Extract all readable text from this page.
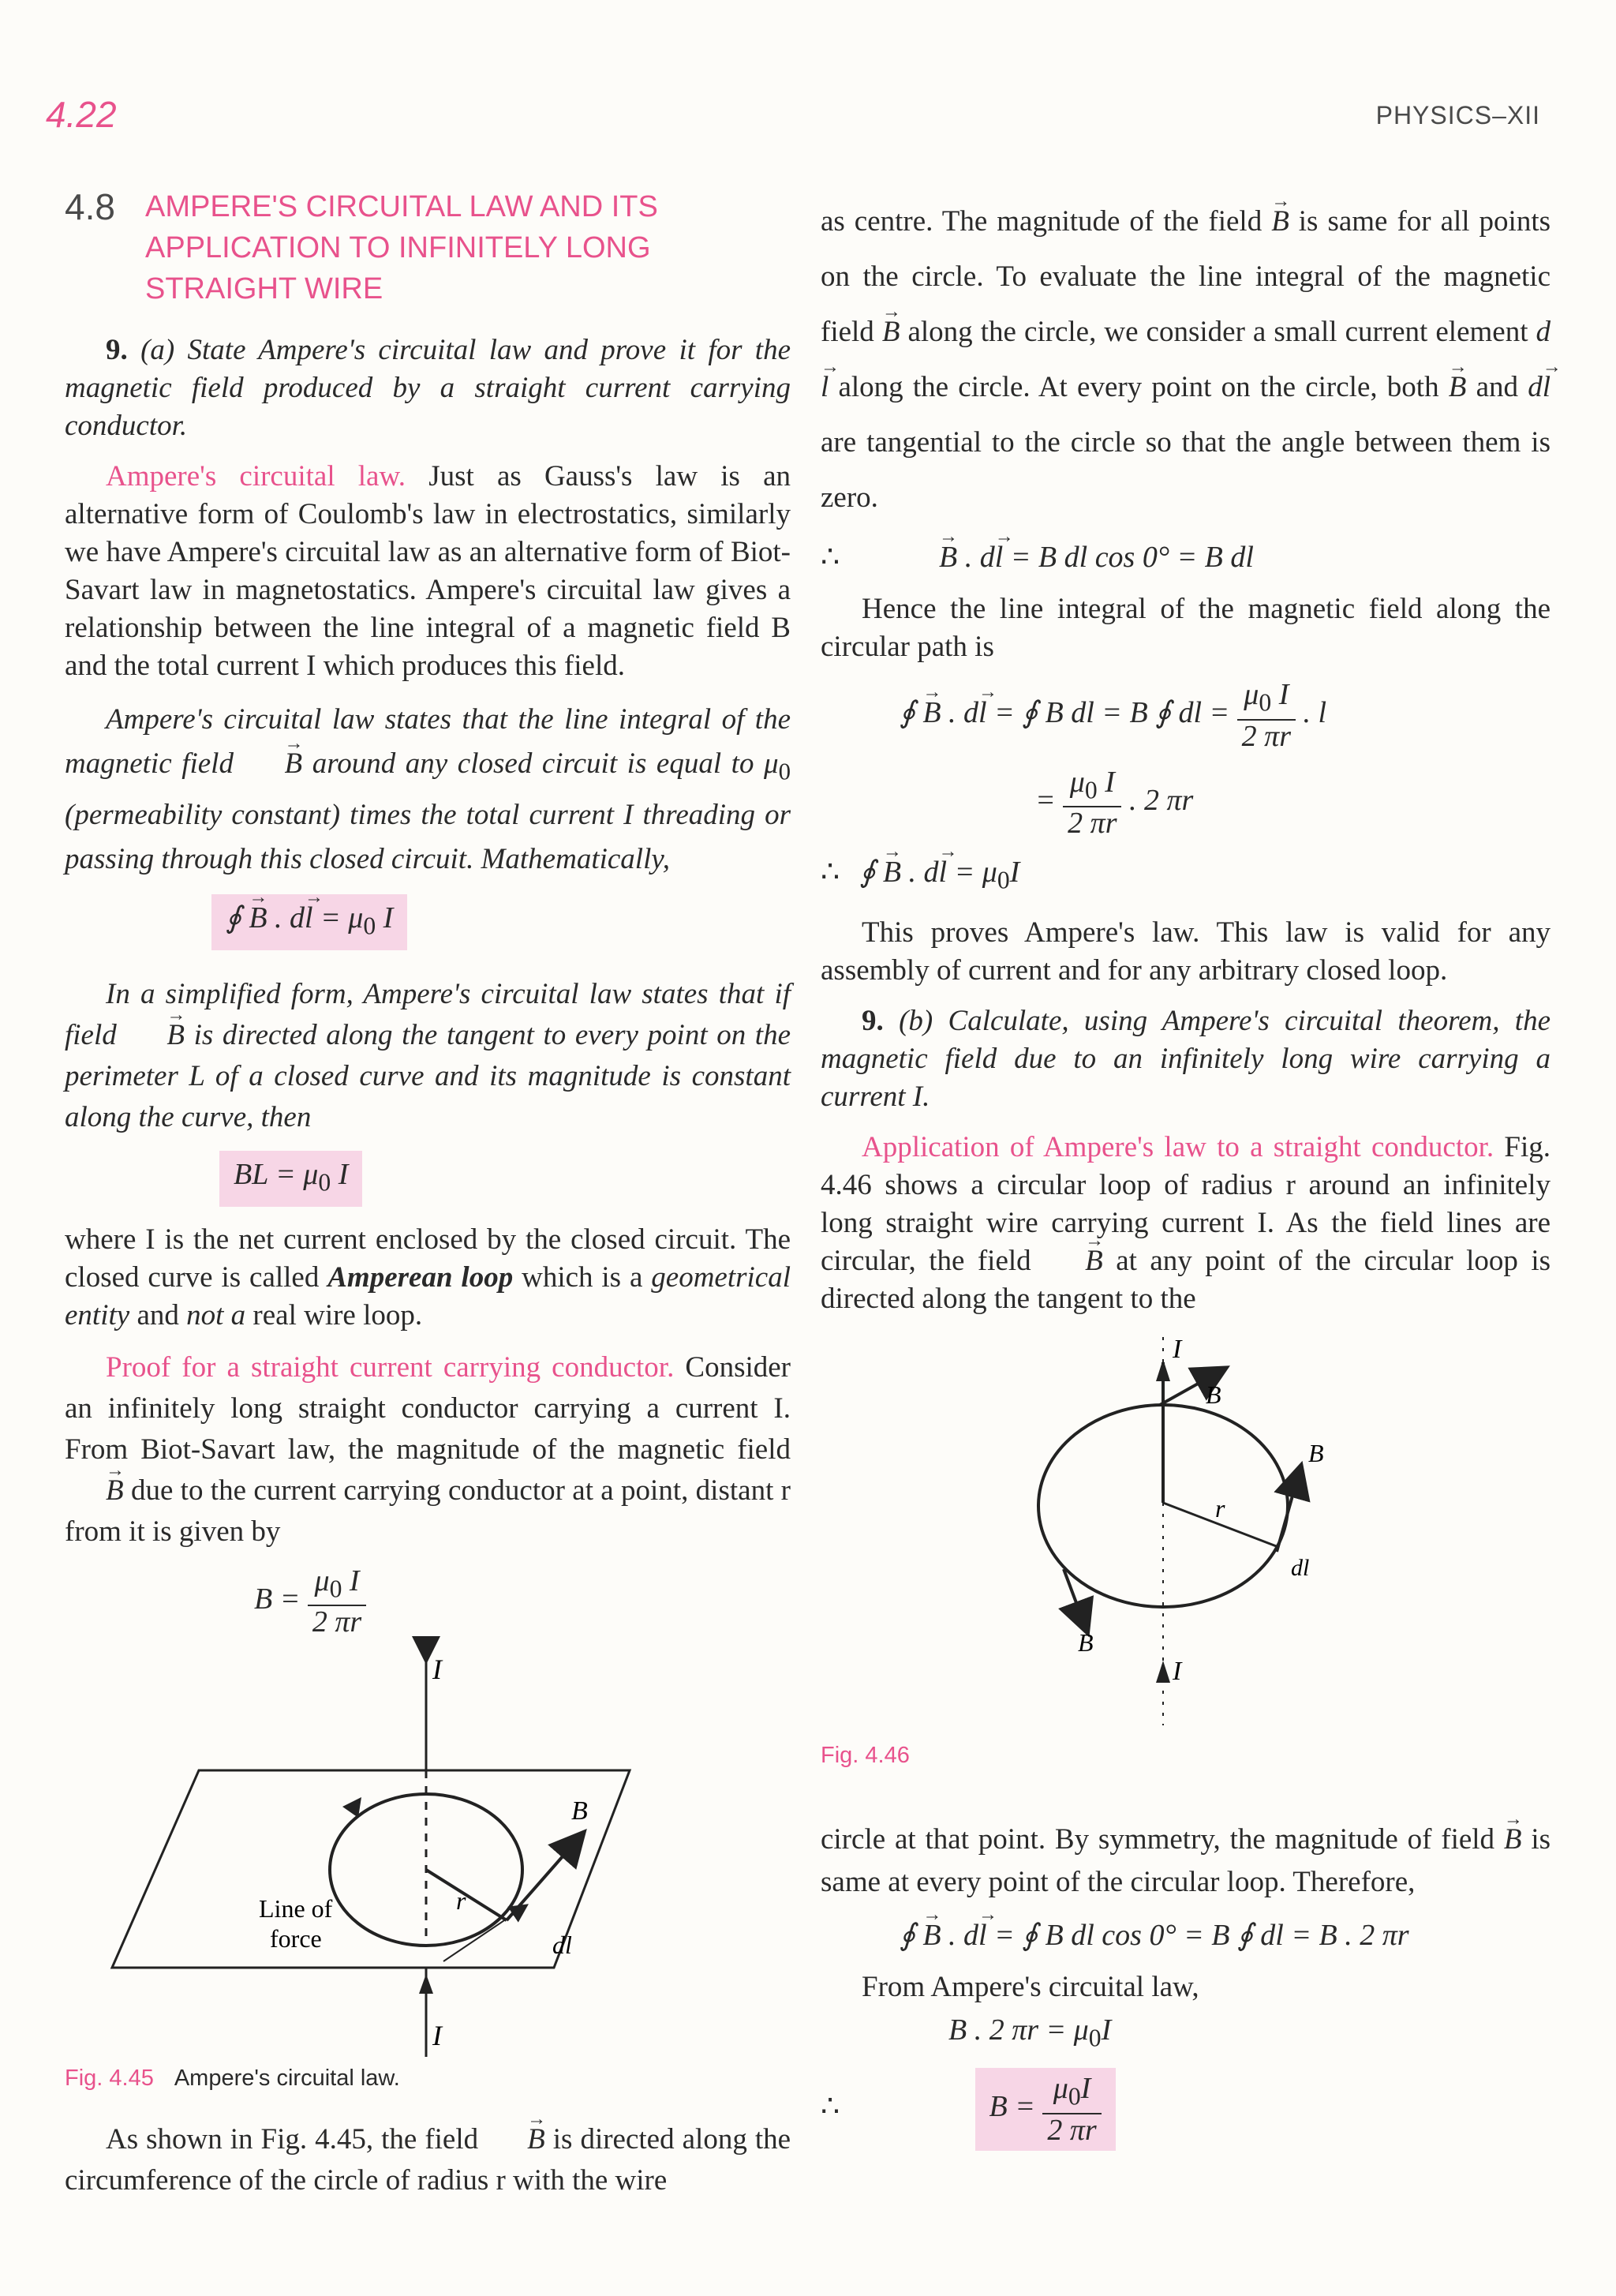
4.22	PHYSICS–XII
4.8 AMPERE'S CIRCUITAL LAW AND ITS APPLICATION TO INFINITELY LONG STRAIGHT WIRE

9. (a) State Ampere's circuital law and prove it for the magnetic field produced by a straight current carrying conductor.

Ampere's circuital law. Just as Gauss's law is an alternative form of Coulomb's law in electrostatics, similarly we have Ampere's circuital law as an alternative form of Biot-Savart law in magnetostatics. Ampere's circuital law gives a relationship between the line integral of a magnetic field B and the total current I which produces this field.

Ampere's circuital law states that the line integral of the magnetic field → B around any closed circuit is equal to $\mu_0$ (permeability constant) times the total current I threading or passing through this closed circuit. Mathematically,

∮ → B . $d\to l = \mu_0$ I

In a simplified form, Ampere's circuital law states that if field → B is directed along the tangent to every point on the perimeter L of a closed curve and its magnitude is constant along the curve, then

BL = $\mu_0$ I

where I is the net current enclosed by the closed circuit. The closed curve is called Amperean loop which is a geometrical entity and not a real wire loop.

Proof for a straight current carrying conductor. Consider an infinitely long straight conductor carrying a current I. From Biot-Savart law, the magnitude of the magnetic field → B due to the current carrying conductor at a point, distant r from it is given by

$B = \frac{\mu_0 I}{2 \pi r}$
I
I
r
B
dl
Line of
force
Fig. 4.45 Ampere's circuital law.

As shown in Fig. 4.45, the field → B is directed along the circumference of the circle of radius r with the wire

as centre. The magnitude of the field → B is same for all points on the circle. To evaluate the line integral of the magnetic field → B along the circle, we consider a small current element d→ l along the circle. At every point on the circle, both → B and d→ l are tangential to the circle so that the angle between them is zero.

∴	→ B . d→ l = B dl cos 0° = B dl

Hence the line integral of the magnetic field along the circular path is

∮ → B . d→ l = ∮ B dl = B ∮ dl = $\frac{\mu_0 I}{2 \pi r}$ . l
= $\frac{\mu_0 I}{2 \pi r}$ . 2 πr
∴ ∮ → B . $d\to l = \mu_0I$

This proves Ampere's law. This law is valid for any assembly of current and for any arbitrary closed loop.

9. (b) Calculate, using Ampere's circuital theorem, the magnetic field due to an infinitely long wire carrying a current I.

Application of Ampere's law to a straight conductor. Fig. 4.46 shows a circular loop of radius r around an infinitely long straight wire carrying current I. As the field lines are circular, the field → B at any point of the circular loop is directed along the tangent to the

I
I
r
B
B
B
dl
Fig. 4.46

circle at that point. By symmetry, the magnitude of field → B is same at every point of the circular loop. Therefore,

∮ → B . d→ l = ∮ B dl cos 0° = B ∮ dl = B . 2 πr

From Ampere's circuital law,

B . 2 $\pi r = \mu_0I$
∴	$B = \frac{\mu_0I}{2 \pi r}$
